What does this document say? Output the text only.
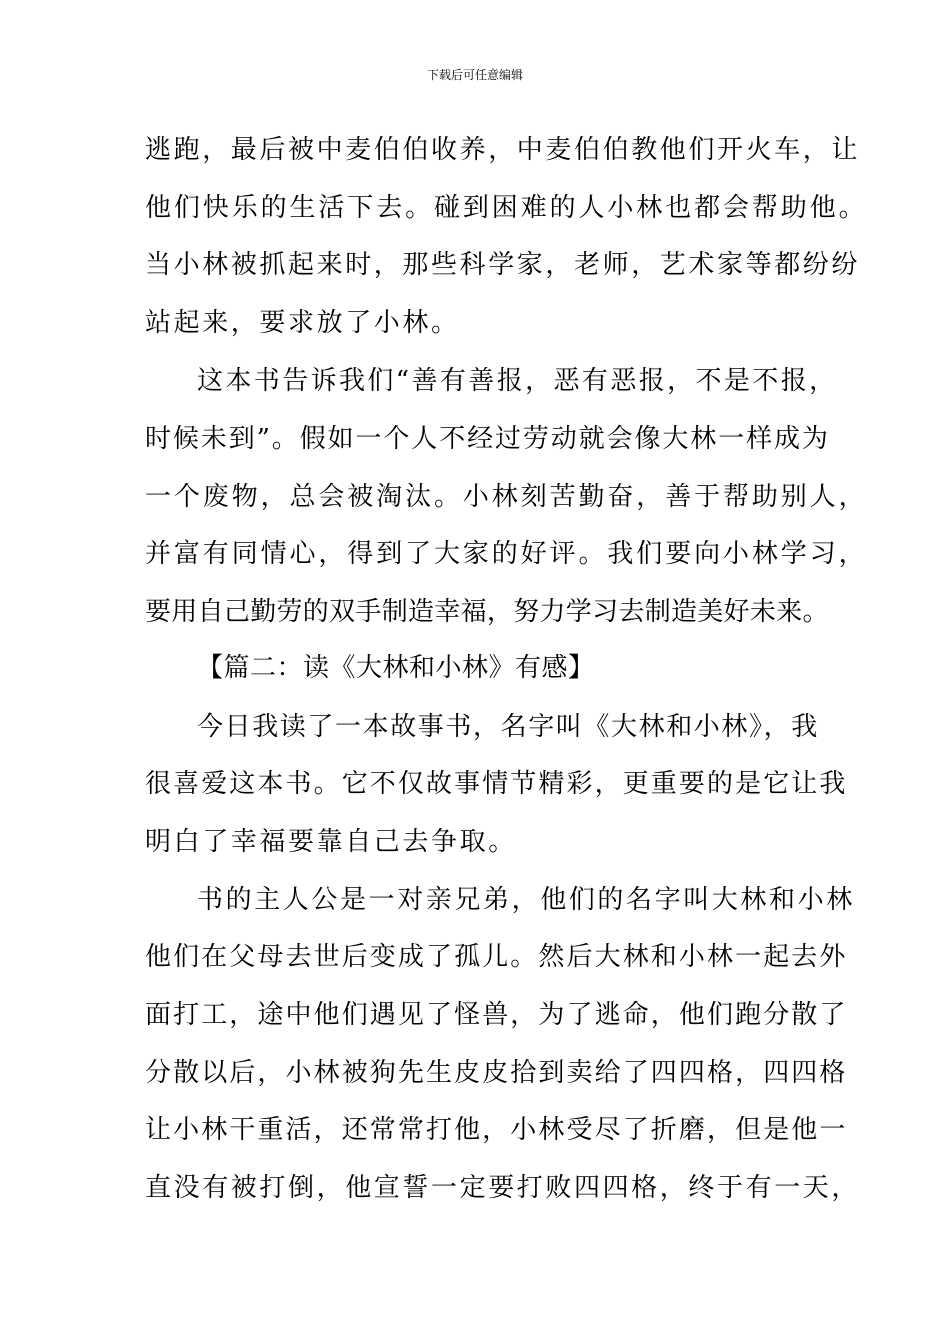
下载后可任意编辑
逃跑，最后被中麦伯伯收养，中麦伯伯教他们开火车，让
他们快乐的生活下去。碰到困难的人小林也都会帮助他。
当小林被抓起来时，那些科学家，老师，艺术家等都纷纷
站起来，要求放了小林。
这本书告诉我们“善有善报，恶有恶报，不是不报，
时候未到”。假如一个人不经过劳动就会像大林一样成为
一个废物，总会被淘汰。小林刻苦勤奋，善于帮助别人，
并富有同情心，得到了大家的好评。我们要向小林学习，
要用自己勤劳的双手制造幸福，努力学习去制造美好未来。
【篇二：读《大林和小林》有感】
今日我读了一本故事书，名字叫《大林和小林》，我
很喜爱这本书。它不仅故事情节精彩，更重要的是它让我
明白了幸福要靠自己去争取。
书的主人公是一对亲兄弟，他们的名字叫大林和小林
他们在父母去世后变成了孤儿。然后大林和小林一起去外
面打工，途中他们遇见了怪兽，为了逃命，他们跑分散了
分散以后，小林被狗先生皮皮拾到卖给了四四格，四四格
让小林干重活，还常常打他，小林受尽了折磨，但是他一
直没有被打倒，他宣誓一定要打败四四格，终于有一天，
